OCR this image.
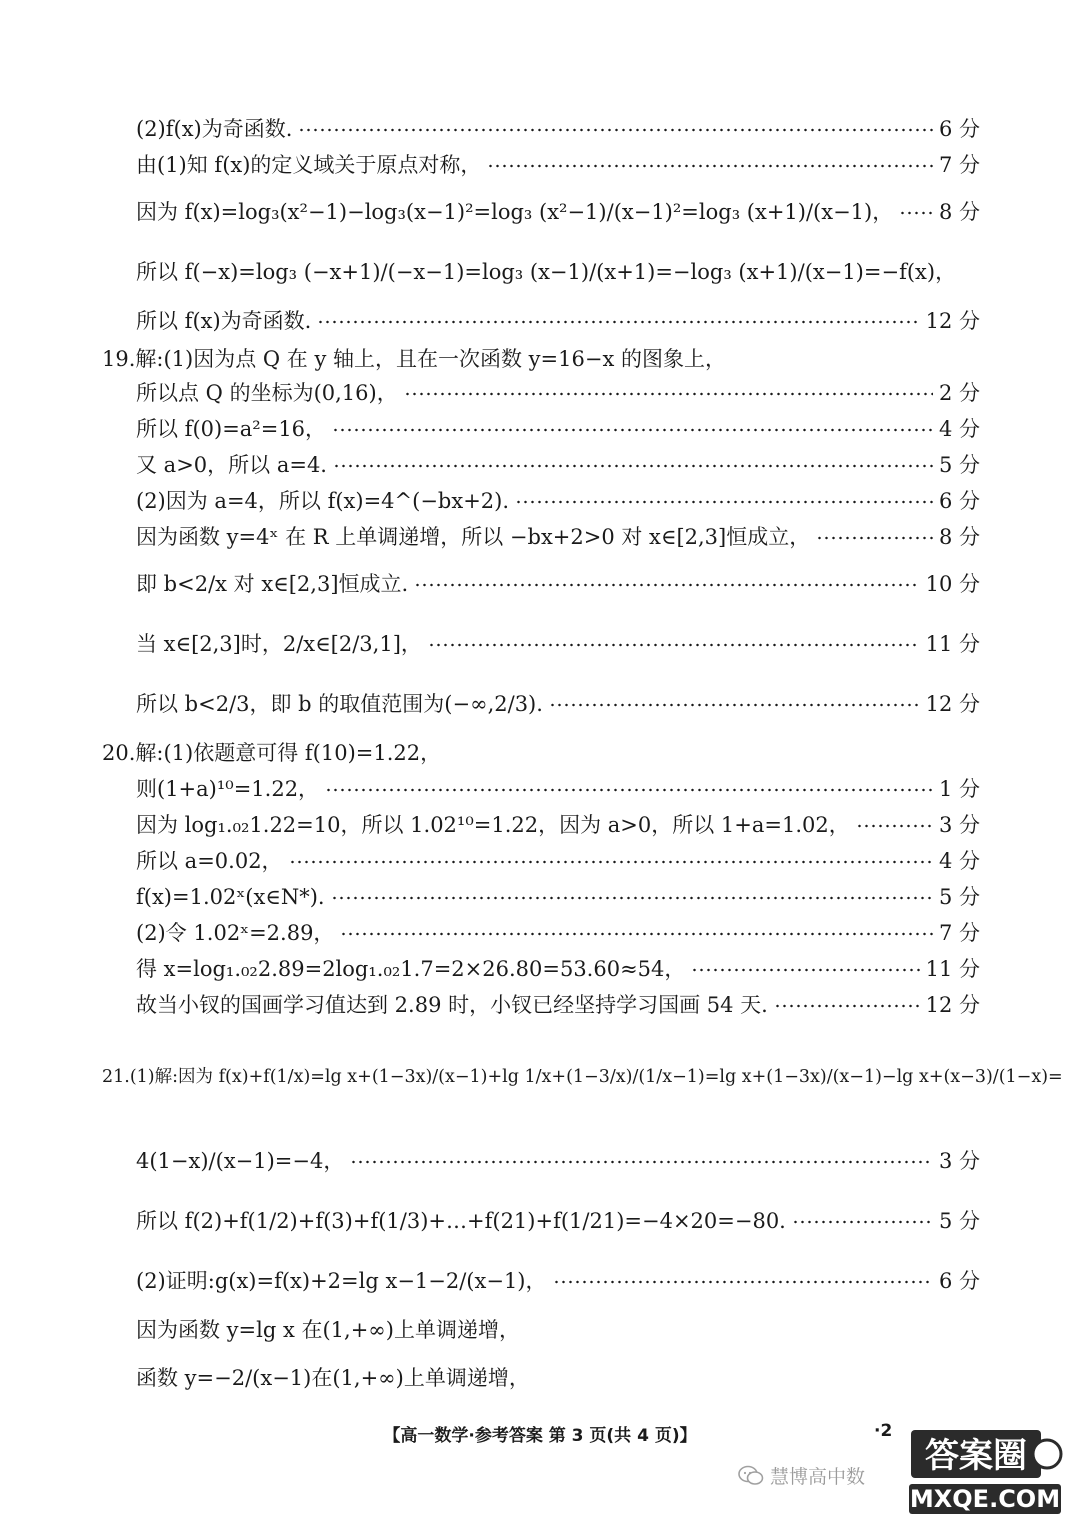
(2)f(x)为奇函数.	6 分
由(1)知 f(x)的定义域关于原点对称，	7 分
因为 f(x)=log₃(x²−1)−log₃(x−1)²=log₃ (x²−1)/(x−1)²=log₃ (x+1)/(x−1)， 8 分
所以 f(−x)=log₃ (−x+1)/(−x−1)=log₃ (x−1)/(x+1)=−log₃ (x+1)/(x−1)=−f(x)，
所以 f(x)为奇函数.	12 分
19.解:(1)因为点 Q 在 y 轴上，且在一次函数 y=16−x 的图象上，
所以点 Q 的坐标为(0,16)，	2 分
所以 f(0)=a²=16，	4 分
又 a>0，所以 a=4.	5 分
(2)因为 a=4，所以 f(x)=4^(−bx+2).	6 分
因为函数 y=4ˣ 在 R 上单调递增，所以 −bx+2>0 对 x∈[2,3]恒成立，	8 分
即 b<2/x 对 x∈[2,3]恒成立.	10 分
当 x∈[2,3]时，2/x∈[2/3,1]，	11 分
所以 b<2/3，即 b 的取值范围为(−∞,2/3).	12 分
20.解:(1)依题意可得 f(10)=1.22，
则(1+a)¹⁰=1.22，	1 分
因为 log₁.₀₂1.22=10，所以 1.02¹⁰=1.22，因为 a>0，所以 1+a=1.02，	3 分
所以 a=0.02，	4 分
f(x)=1.02ˣ(x∈N*).	5 分
(2)令 1.02ˣ=2.89，	7 分
得 x=log₁.₀₂2.89=2log₁.₀₂1.7=2×26.80=53.60≈54，	11 分
故当小钗的国画学习值达到 2.89 时，小钗已经坚持学习国画 54 天.	12 分
21.(1)解:因为 f(x)+f(1/x)=lg x+(1−3x)/(x−1)+lg 1/x+(1−3/x)/(1/x−1)=lg x+(1−3x)/(x−1)−lg x+(x−3)/(1−x)=
4(1−x)/(x−1)=−4，	3 分
所以 f(2)+f(1/2)+f(3)+f(1/3)+…+f(21)+f(1/21)=−4×20=−80.	5 分
(2)证明:g(x)=f(x)+2=lg x−1−2/(x−1)，	6 分
因为函数 y=lg x 在(1,+∞)上单调递增，
函数 y=−2/(x−1)在(1,+∞)上单调递增，
【高一数学·参考答案 第 3 页(共 4 页)】	·2
慧博高中数
答案圈
MXQE.COM
